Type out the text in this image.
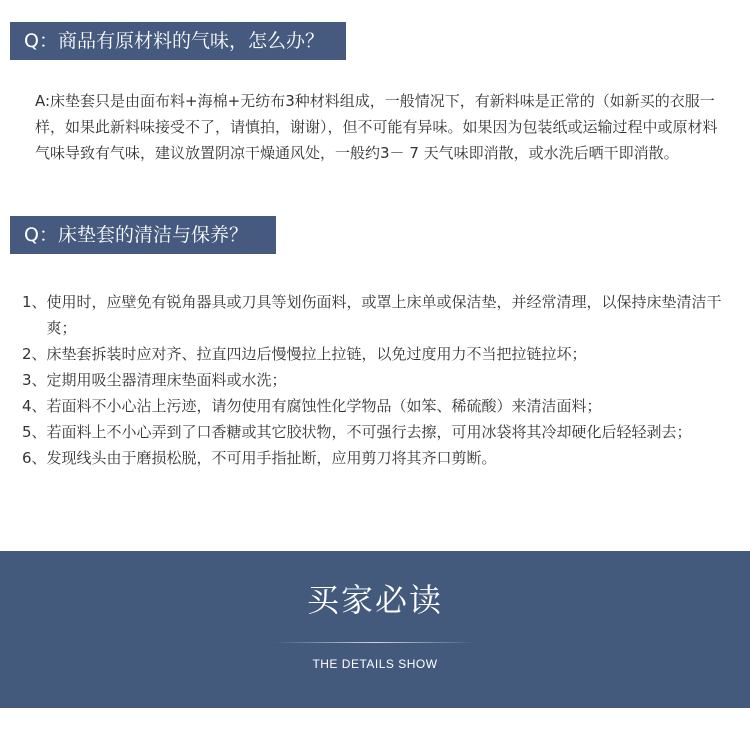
Q：商品有原材料的气味，怎么办？

A:床垫套只是由面布料+海棉+无纺布3种材料组成，一般情况下，有新料味是正常的（如新买的衣服一样，如果此新料味接受不了，请慎拍，谢谢），但不可能有异味。如果因为包装纸或运输过程中或原材料气味导致有气味，建议放置阴凉干燥通风处，一般约3－ 7 天气味即消散，或水洗后晒干即消散。

Q：床垫套的清洁与保养？
1、 使用时，应壁免有锐角器具或刀具等划伤面料，或罩上床单或保洁垫，并经常清理，以保持床垫清洁干爽；
2、 床垫套拆装时应对齐、拉直四边后慢慢拉上拉链，以免过度用力不当把拉链拉坏；
3、 定期用吸尘器清理床垫面料或水洗；
4、 若面料不小心沾上污迹，请勿使用有腐蚀性化学物品（如笨、稀硫酸）来清洁面料；
5、 若面料上不小心弄到了口香糖或其它胶状物，不可强行去擦，可用冰袋将其冷却硬化后轻轻剥去；
6、 发现线头由于磨损松脱，不可用手指扯断，应用剪刀将其齐口剪断。
买家必读
THE DETAILS SHOW
